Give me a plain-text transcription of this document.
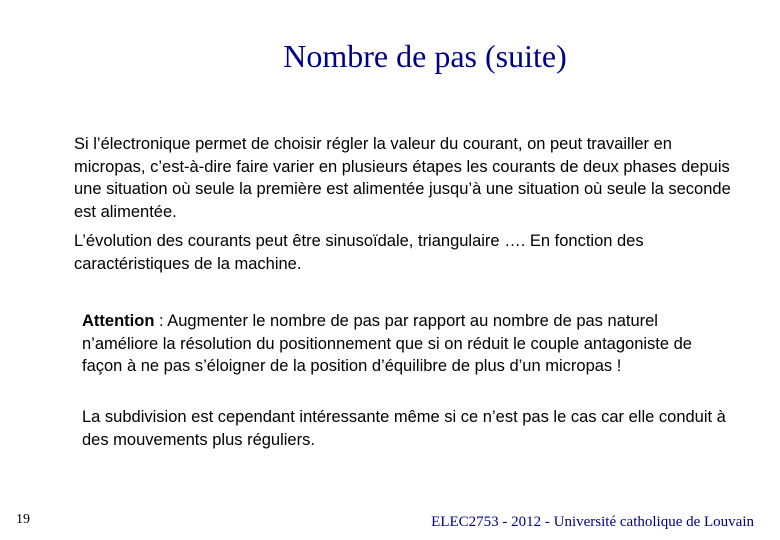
Nombre de pas (suite)

Si l’électronique permet de choisir régler la valeur du courant, on peut travailler en micropas, c’est-à-dire faire varier en plusieurs étapes les courants de deux phases depuis une situation où seule la première est alimentée jusqu’à une situation où seule la seconde est alimentée.

L’évolution des courants peut être sinusoïdale, triangulaire …. En fonction des caractéristiques de la machine.

Attention : Augmenter le nombre de pas par rapport au nombre de pas naturel n’améliore la résolution du positionnement que si on réduit le couple antagoniste de façon à ne pas s’éloigner de la position d’équilibre de plus d’un micropas !

La subdivision est cependant intéressante même si ce n’est pas le cas car elle conduit à des mouvements plus réguliers.

19	ELEC2753 - 2012 - Université catholique de Louvain
